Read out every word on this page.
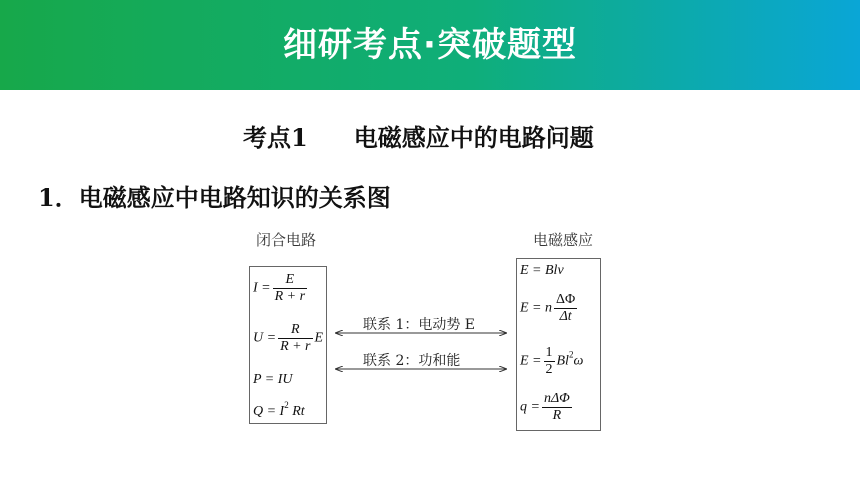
细研考点·突破题型
考点1 电磁感应中的电路问题
1．电磁感应中电路知识的关系图
闭合电路	电磁感应
$I = \frac{E}{R + r}$
$U = \frac{R}{R + r}$ E
P = IU
$Q = I^2$ Rt
E = Blv
E = n $\frac{\Delta\Phi}{\Delta t}$
$E = \frac{1}{2} Bl^2\omega$
$q = \frac{\text{nΔΦ}}{R}$
联系 1：电动势 E
联系 2：功和能
